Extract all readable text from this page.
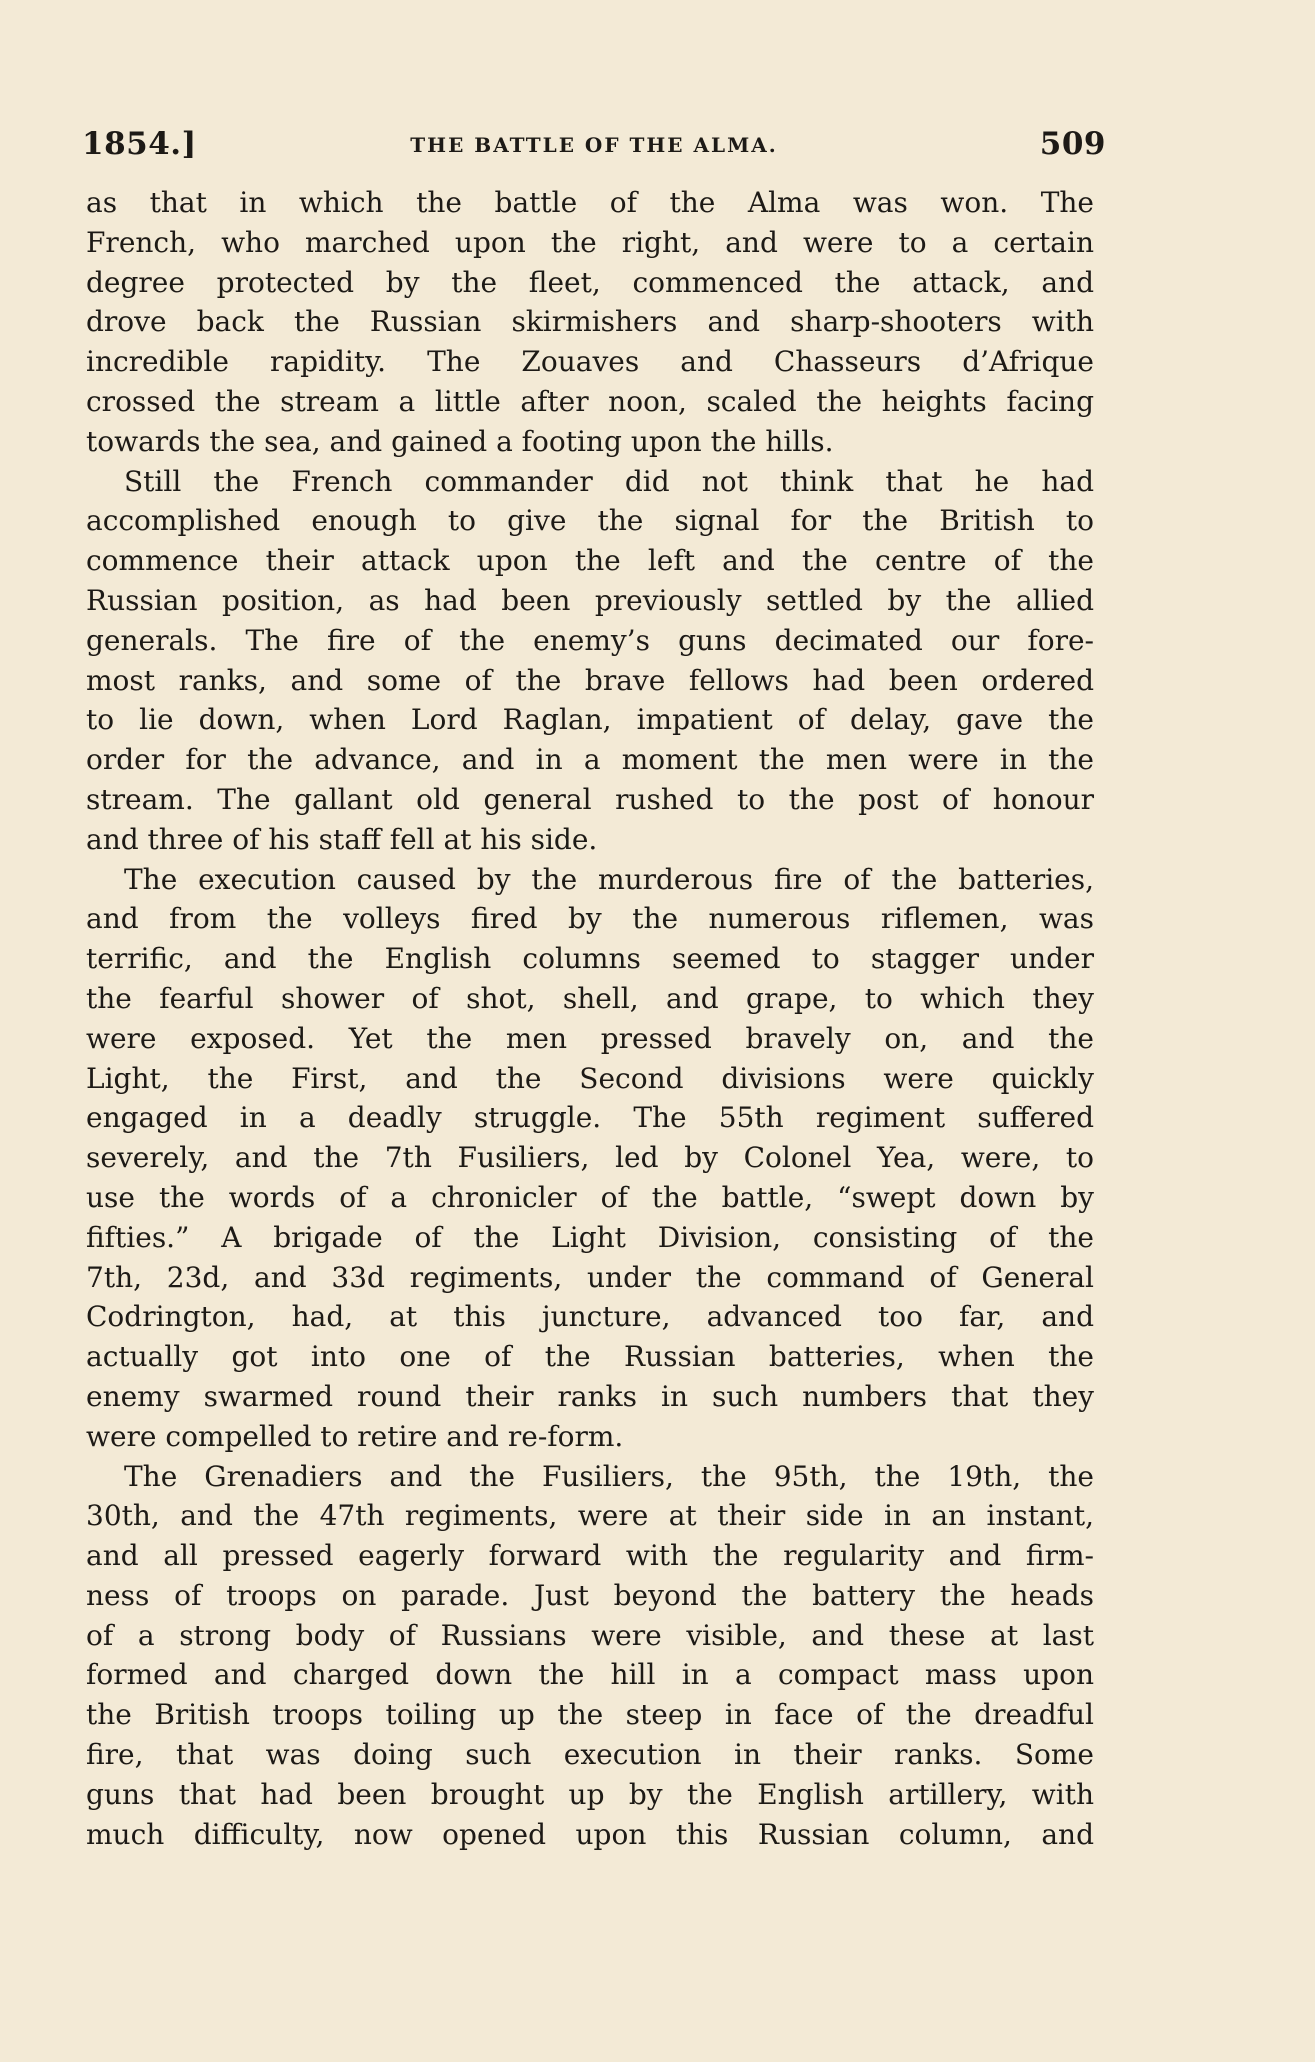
1854.]	THE BATTLE OF THE ALMA.	509
as that in which the battle of the Alma was won. The
French, who marched upon the right, and were to a certain
degree protected by the fleet, commenced the attack, and
drove back the Russian skirmishers and sharp-shooters with
incredible rapidity. The Zouaves and Chasseurs d’Afrique
crossed the stream a little after noon, scaled the heights facing
towards the sea, and gained a footing upon the hills.
Still the French commander did not think that he had
accomplished enough to give the signal for the British to
commence their attack upon the left and the centre of the
Russian position, as had been previously settled by the allied
generals. The fire of the enemy’s guns decimated our fore-
most ranks, and some of the brave fellows had been ordered
to lie down, when Lord Raglan, impatient of delay, gave the
order for the advance, and in a moment the men were in the
stream. The gallant old general rushed to the post of honour
and three of his staff fell at his side.
The execution caused by the murderous fire of the batteries,
and from the volleys fired by the numerous riflemen, was
terrific, and the English columns seemed to stagger under
the fearful shower of shot, shell, and grape, to which they
were exposed. Yet the men pressed bravely on, and the
Light, the First, and the Second divisions were quickly
engaged in a deadly struggle. The 55th regiment suffered
severely, and the 7th Fusiliers, led by Colonel Yea, were, to
use the words of a chronicler of the battle, “swept down by
fifties.” A brigade of the Light Division, consisting of the
7th, 23d, and 33d regiments, under the command of General
Codrington, had, at this juncture, advanced too far, and
actually got into one of the Russian batteries, when the
enemy swarmed round their ranks in such numbers that they
were compelled to retire and re-form.
The Grenadiers and the Fusiliers, the 95th, the 19th, the
30th, and the 47th regiments, were at their side in an instant,
and all pressed eagerly forward with the regularity and firm-
ness of troops on parade. Just beyond the battery the heads
of a strong body of Russians were visible, and these at last
formed and charged down the hill in a compact mass upon
the British troops toiling up the steep in face of the dreadful
fire, that was doing such execution in their ranks. Some
guns that had been brought up by the English artillery, with
much difficulty, now opened upon this Russian column, and
